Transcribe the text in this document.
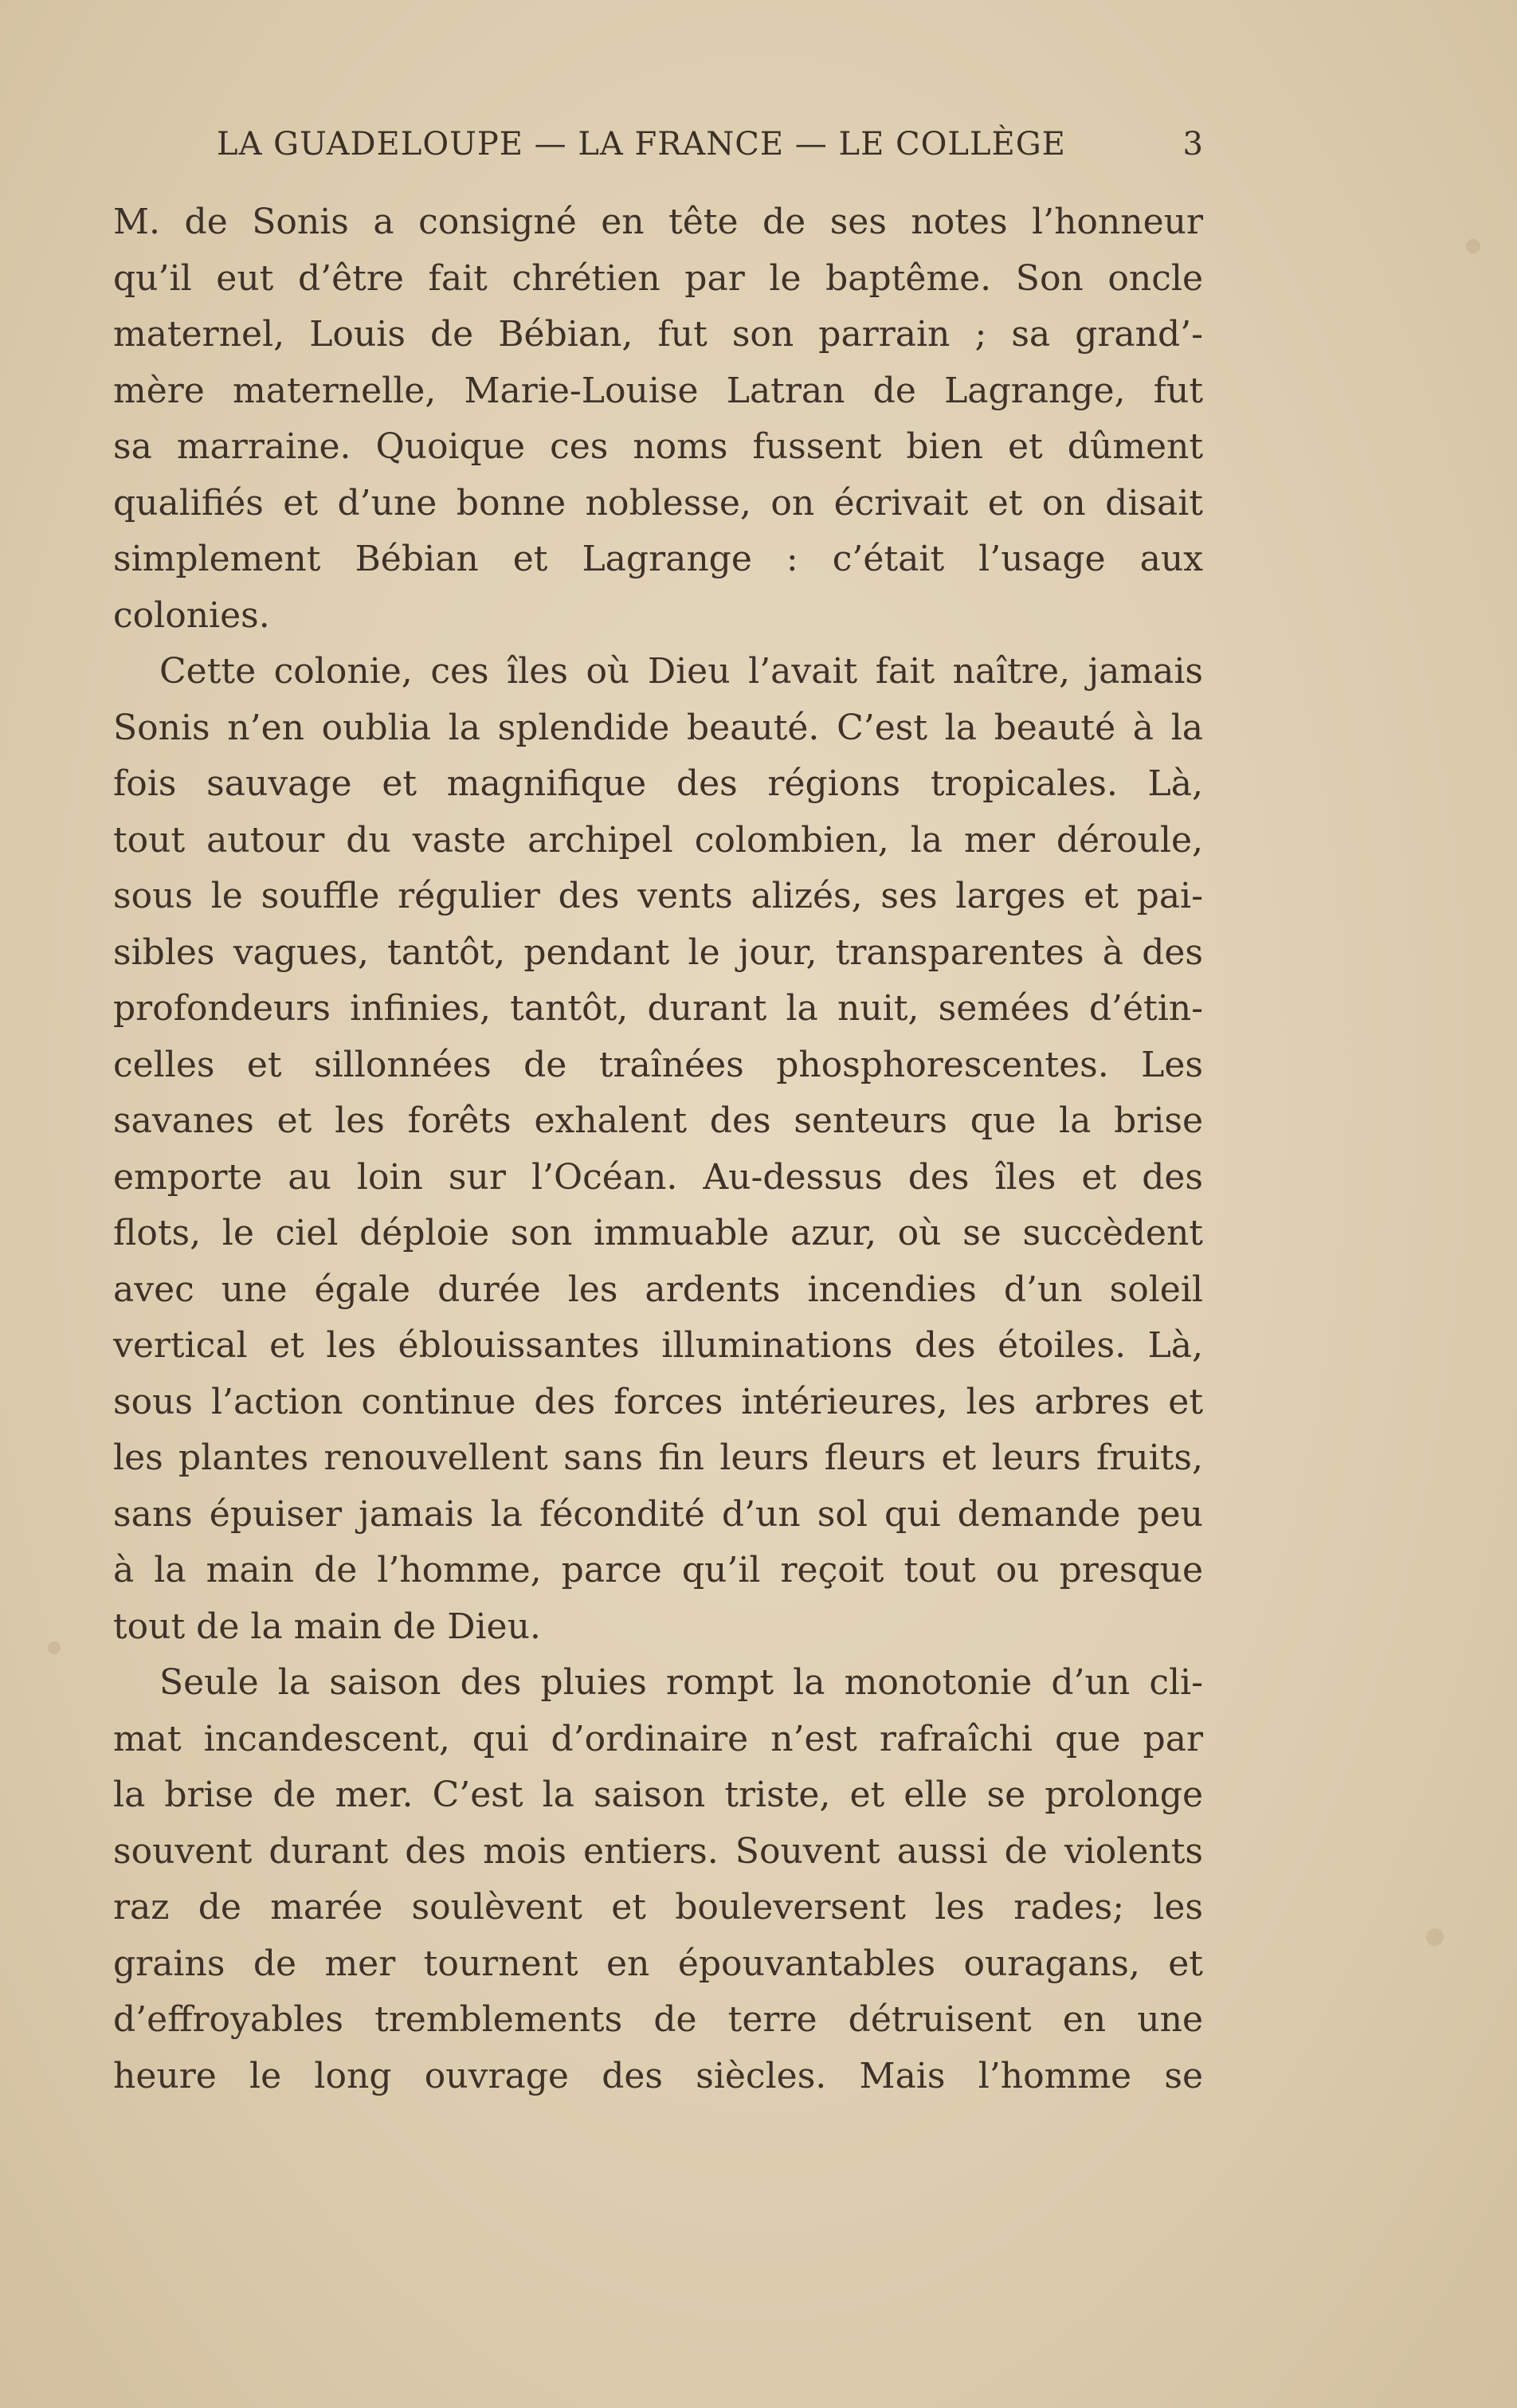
LA GUADELOUPE — LA FRANCE — LE COLLÈGE	3
M. de Sonis a consigné en tête de ses notes l’honneur
qu’il eut d’être fait chrétien par le baptême. Son oncle
maternel, Louis de Bébian, fut son parrain ; sa grand’-
mère maternelle, Marie-Louise Latran de Lagrange, fut
sa marraine. Quoique ces noms fussent bien et dûment
qualifiés et d’une bonne noblesse, on écrivait et on disait
simplement Bébian et Lagrange : c’était l’usage aux
colonies.
Cette colonie, ces îles où Dieu l’avait fait naître, jamais
Sonis n’en oublia la splendide beauté. C’est la beauté à la
fois sauvage et magnifique des régions tropicales. Là,
tout autour du vaste archipel colombien, la mer déroule,
sous le souffle régulier des vents alizés, ses larges et pai-
sibles vagues, tantôt, pendant le jour, transparentes à des
profondeurs infinies, tantôt, durant la nuit, semées d’étin-
celles et sillonnées de traînées phosphorescentes. Les
savanes et les forêts exhalent des senteurs que la brise
emporte au loin sur l’Océan. Au-dessus des îles et des
flots, le ciel déploie son immuable azur, où se succèdent
avec une égale durée les ardents incendies d’un soleil
vertical et les éblouissantes illuminations des étoiles. Là,
sous l’action continue des forces intérieures, les arbres et
les plantes renouvellent sans fin leurs fleurs et leurs fruits,
sans épuiser jamais la fécondité d’un sol qui demande peu
à la main de l’homme, parce qu’il reçoit tout ou presque
tout de la main de Dieu.
Seule la saison des pluies rompt la monotonie d’un cli-
mat incandescent, qui d’ordinaire n’est rafraîchi que par
la brise de mer. C’est la saison triste, et elle se prolonge
souvent durant des mois entiers. Souvent aussi de violents
raz de marée soulèvent et bouleversent les rades; les
grains de mer tournent en épouvantables ouragans, et
d’effroyables tremblements de terre détruisent en une
heure le long ouvrage des siècles. Mais l’homme se
